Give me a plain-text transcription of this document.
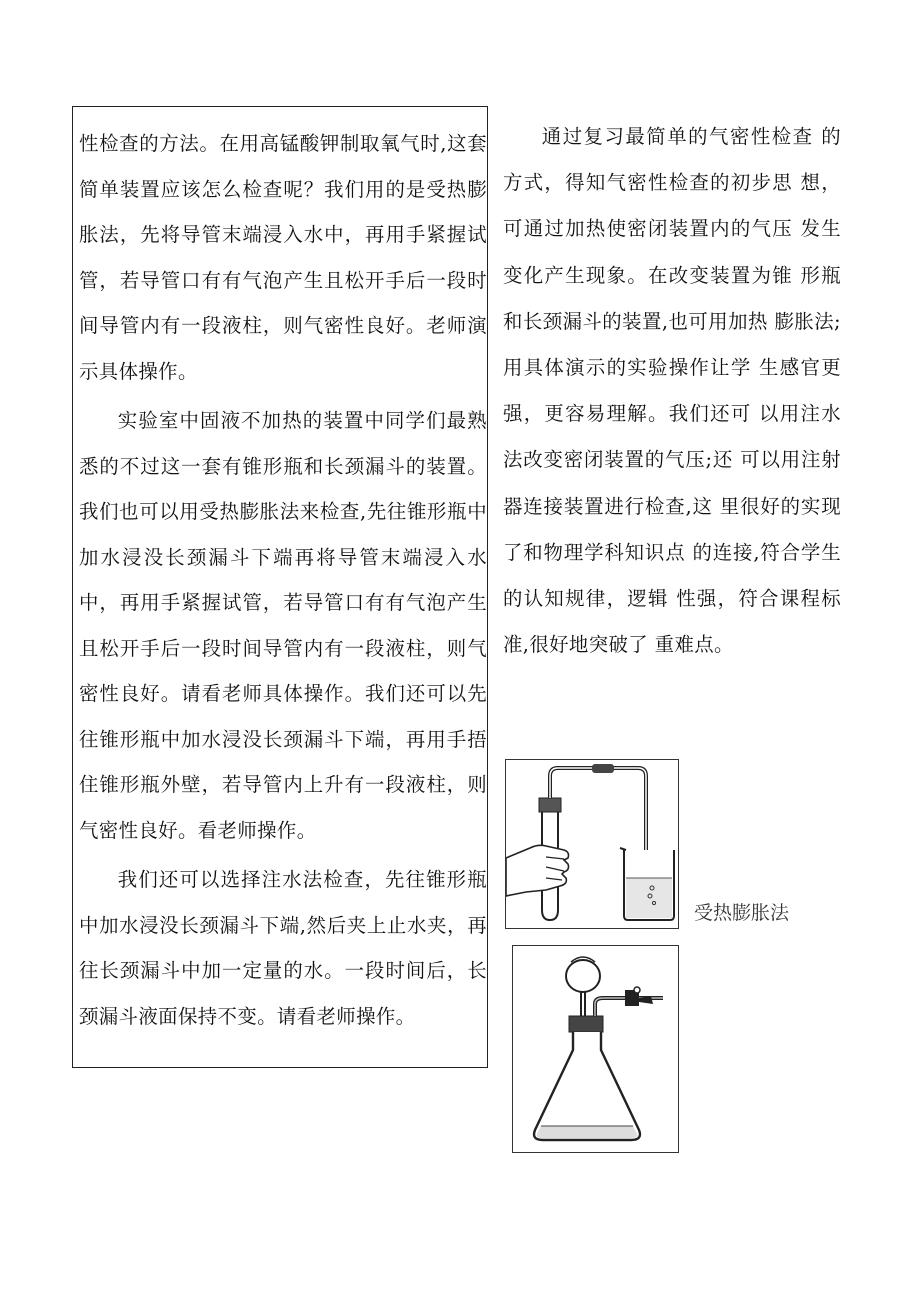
性检查的方法。在用高锰酸钾制取氧气时,这套简单装置应该怎么检查呢？我们用的是受热膨胀法，先将导管末端浸入水中，再用手紧握试管，若导管口有有气泡产生且松开手后一段时间导管内有一段液柱，则气密性良好。老师演示具体操作。

实验室中固液不加热的装置中同学们最熟悉的不过这一套有锥形瓶和长颈漏斗的装置。我们也可以用受热膨胀法来检查,先往锥形瓶中加水浸没长颈漏斗下端再将导管末端浸入水中，再用手紧握试管，若导管口有有气泡产生且松开手后一段时间导管内有一段液柱，则气密性良好。请看老师具体操作。我们还可以先往锥形瓶中加水浸没长颈漏斗下端，再用手捂住锥形瓶外壁，若导管内上升有一段液柱，则气密性良好。看老师操作。

我们还可以选择注水法检查，先往锥形瓶中加水浸没长颈漏斗下端,然后夹上止水夹，再往长颈漏斗中加一定量的水。一段时间后，长颈漏斗液面保持不变。请看老师操作。

通过复习最简单的气密性检查 的方式，得知气密性检查的初步思 想，可通过加热使密闭装置内的气压 发生变化产生现象。在改变装置为锥 形瓶和长颈漏斗的装置,也可用加热 膨胀法;用具体演示的实验操作让学 生感官更强，更容易理解。我们还可 以用注水法改变密闭装置的气压;还 可以用注射器连接装置进行检查,这 里很好的实现了和物理学科知识点 的连接,符合学生的认知规律，逻辑 性强，符合课程标准,很好地突破了 重难点。

受热膨胀法
